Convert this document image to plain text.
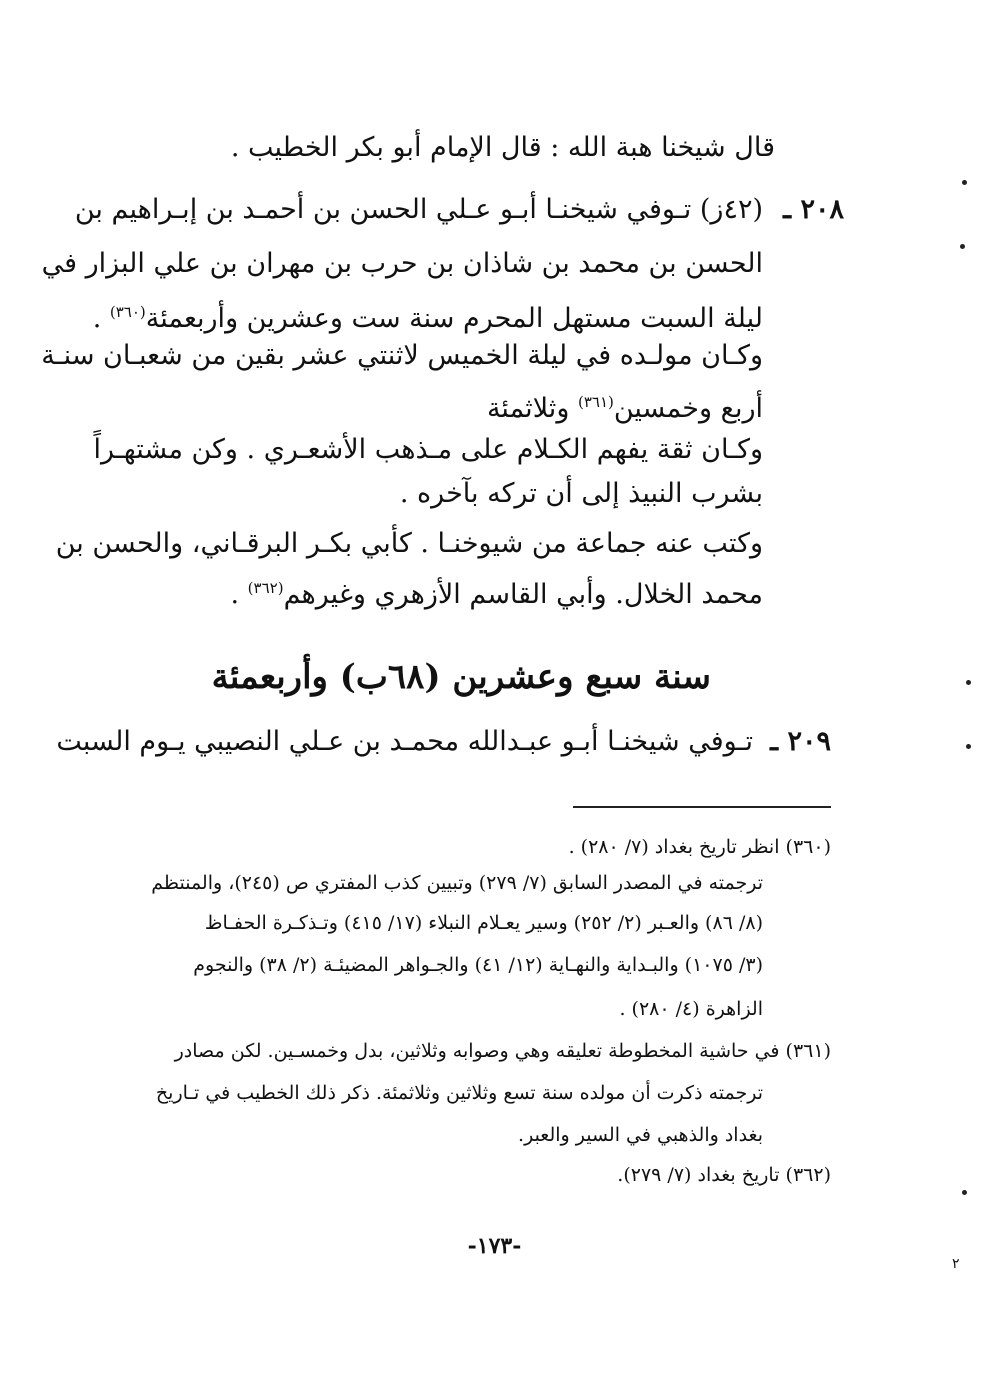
قال شيخنا هبة الله : قال الإمام أبو بكر الخطيب .
٢٠٨ ـ
(٤٢ز) تـوفي شيخنـا أبـو عـلي الحسن بن أحمـد بن إبـراهيم بن
الحسن بن محمد بن شاذان بن حرب بن مهران بن علي البزار في
ليلة السبت مستهل المحرم سنة ست وعشرين وأربعمئة$^{(٣٦٠)}$ .
وكـان مولـده في ليلة الخميس لاثنتي عشر بقين من شعبـان سنـة
أربع وخمسين$^{(٣٦١)}$ وثلاثمئة
وكـان ثقة يفهم الكـلام على مـذهب الأشعـري . وكن مشتهـراً
بشرب النبيذ إلى أن تركه بآخره .
وكتب عنه جماعة من شيوخنـا . كأبي بكـر البرقـاني، والحسن بن
محمد الخلال. وأبي القاسم الأزهري وغيرهم$^{(٣٦٢)}$ .
سنة سبع وعشرين (٦٨ب) وأربعمئة
٢٠٩ ـ
تـوفي شيخنـا أبـو عبـدالله محمـد بن عـلي النصيبي يـوم السبت
(٣٦٠) انظر تاريخ بغداد (٧/ ٢٨٠) .
ترجمته في المصدر السابق (٧/ ٢٧٩) وتبيين كذب المفتري ص (٢٤٥)، والمنتظم
(٨/ ٨٦) والعـبر (٢/ ٢٥٢) وسير يعـلام النبلاء (١٧/ ٤١٥) وتـذكـرة الحفـاظ
(٣/ ١٠٧٥) والبـداية والنهـاية (١٢/ ٤١) والجـواهر المضيئـة (٢/ ٣٨) والنجوم
الزاهرة (٤/ ٢٨٠) .
(٣٦١) في حاشية المخطوطة تعليقه وهي وصوابه وثلاثين، بدل وخمسـين. لكن مصادر
ترجمته ذكرت أن مولده سنة تسع وثلاثين وثلاثمئة. ذكر ذلك الخطيب في تـاريخ
بغداد والذهبي في السير والعبر.
(٣٦٢) تاريخ بغداد (٧/ ٢٧٩).
-١٧٣-
٢
